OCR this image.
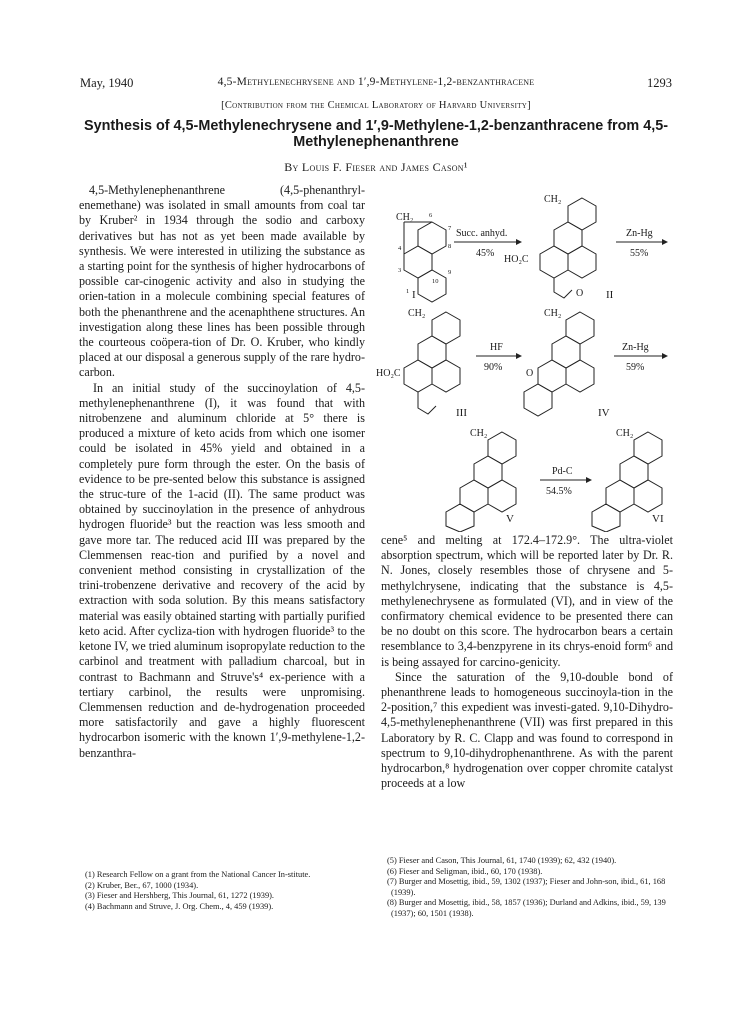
May, 1940	4,5-Methylenechrysene and 1′,9-Methylene-1,2-benzanthracene	1293
[Contribution from the Chemical Laboratory of Harvard University]
Synthesis of 4,5-Methylenechrysene and 1′,9-Methylene-1,2-benzanthracene from 4,5-Methylenephenanthrene
By Louis F. Fieser and James Cason¹

4,5-Methylenephenanthrene (4,5-phenanthryl-enemethane) was isolated in small amounts from coal tar by Kruber² in 1934 through the sodio and carboxy derivatives but has not as yet been made available by synthesis. We were interested in utilizing the substance as a starting point for the synthesis of higher hydrocarbons of possible car-cinogenic activity and also in studying the orien-tation in a molecule combining special features of both the phenanthrene and the acenaphthene structures. An investigation along these lines has been possible through the courteous coöpera-tion of Dr. O. Kruber, who kindly placed at our disposal a generous supply of the rare hydro-carbon.

In an initial study of the succinoylation of 4,5-methylenephenanthrene (I), it was found that with nitrobenzene and aluminum chloride at 5° there is produced a mixture of keto acids from which one isomer could be isolated in 45% yield and obtained in a completely pure form through the ester. On the basis of evidence to be pre-sented below this substance is assigned the struc-ture of the 1-acid (II). The same product was obtained by succinoylation in the presence of anhydrous hydrogen fluoride³ but the reaction was less smooth and gave more tar. The reduced acid III was prepared by the Clemmensen reac-tion and purified by a novel and convenient method consisting in crystallization of the trini-trobenzene derivative and recovery of the acid by extraction with soda solution. By this means satisfactory material was easily obtained starting with partially purified keto acid. After cycliza-tion with hydrogen fluoride³ to the ketone IV, we tried aluminum isopropylate reduction to the carbinol and treatment with palladium charcoal, but in contrast to Bachmann and Struve's⁴ ex-perience with a tertiary carbinol, the results were unpromising. Clemmensen reduction and de-hydrogenation proceeded more satisfactorily and gave a highly fluorescent hydrocarbon isomeric with the known 1′,9-methylene-1,2-benzanthra-

CH₂ 6
7
8
9
4
3
1
10
I
Succ. anhyd.
45%
CH₂
HO₂C
O II
Zn-Hg
55%
CH₂
HO₂C
III
HF
90%
CH₂
O
IV
Zn-Hg
59%
CH₂
V
Pd-C
54.5%
CH₂
VI

cene⁵ and melting at 172.4–172.9°. The ultra-violet absorption spectrum, which will be reported later by Dr. R. N. Jones, closely resembles those of chrysene and 5-methylchrysene, indicating that the substance is 4,5-methylenechrysene as formulated (VI), and in view of the confirmatory chemical evidence to be presented there can be no doubt on this score. The hydrocarbon bears a certain resemblance to 3,4-benzpyrene in its chrys-enoid form⁶ and is being assayed for carcino-genicity.

Since the saturation of the 9,10-double bond of phenanthrene leads to homogeneous succinoyla-tion in the 2-position,⁷ this expedient was investi-gated. 9,10-Dihydro-4,5-methylenephenanthrene (VII) was first prepared in this Laboratory by R. C. Clapp and was found to correspond in spectrum to 9,10-dihydrophenanthrene. As with the parent hydrocarbon,⁸ hydrogenation over copper chromite catalyst proceeds at a low

(1) Research Fellow on a grant from the National Cancer In-stitute.

(2) Kruber, Ber., 67, 1000 (1934).

(3) Fieser and Hershberg, This Journal, 61, 1272 (1939).

(4) Bachmann and Struve, J. Org. Chem., 4, 459 (1939).

(5) Fieser and Cason, This Journal, 61, 1740 (1939); 62, 432 (1940).

(6) Fieser and Seligman, ibid., 60, 170 (1938).

(7) Burger and Mosettig, ibid., 59, 1302 (1937); Fieser and John-son, ibid., 61, 168 (1939).

(8) Burger and Mosettig, ibid., 58, 1857 (1936); Durland and Adkins, ibid., 59, 139 (1937); 60, 1501 (1938).
